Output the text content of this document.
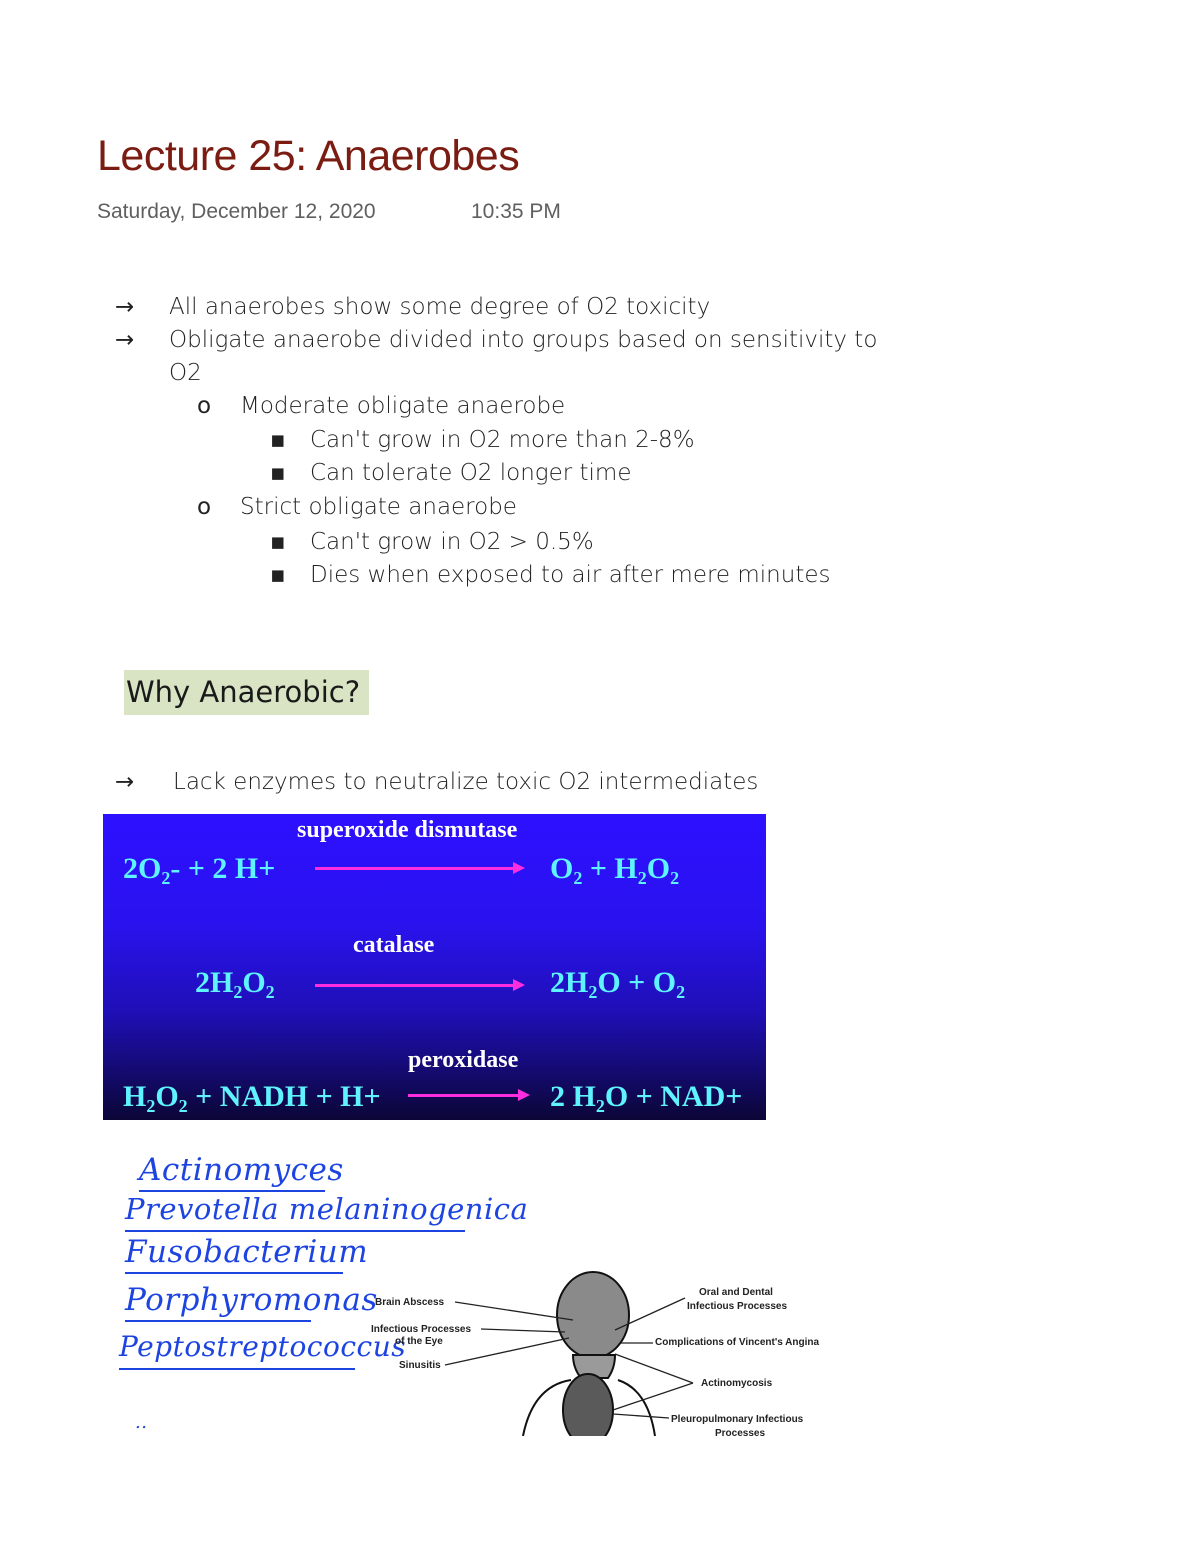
Lecture 25: Anaerobes
Saturday, December 12, 2020	10:35 PM
→ All anaerobes show some degree of O2 toxicity
→ Obligate anaerobe divided into groups based on sensitivity to
O2
o Moderate obligate anaerobe
▪ Can't grow in O2 more than 2-8%
▪ Can tolerate O2 longer time
o Strict obligate anaerobe
▪ Can't grow in O2 > 0.5%
▪ Dies when exposed to air after mere minutes
Why Anaerobic?
→ Lack enzymes to neutralize toxic O2 intermediates
superoxide dismutase
2O₂- + 2 H+	O₂ + H₂O₂
catalase
2H₂O₂	2H₂O + O₂
peroxidase
H₂O₂ + NADH + H+	2 H₂O + NAD+
Actinomyces
Prevotella melaninogenica
Fusobacterium
Porphyromonas
Peptostreptococcus
..
Brain Abscess
Infectious Processes
of the Eye
Sinusitis
Oral and Dental
Infectious Processes
Complications of Vincent's Angina
Actinomycosis
Pleuropulmonary Infectious
Processes
